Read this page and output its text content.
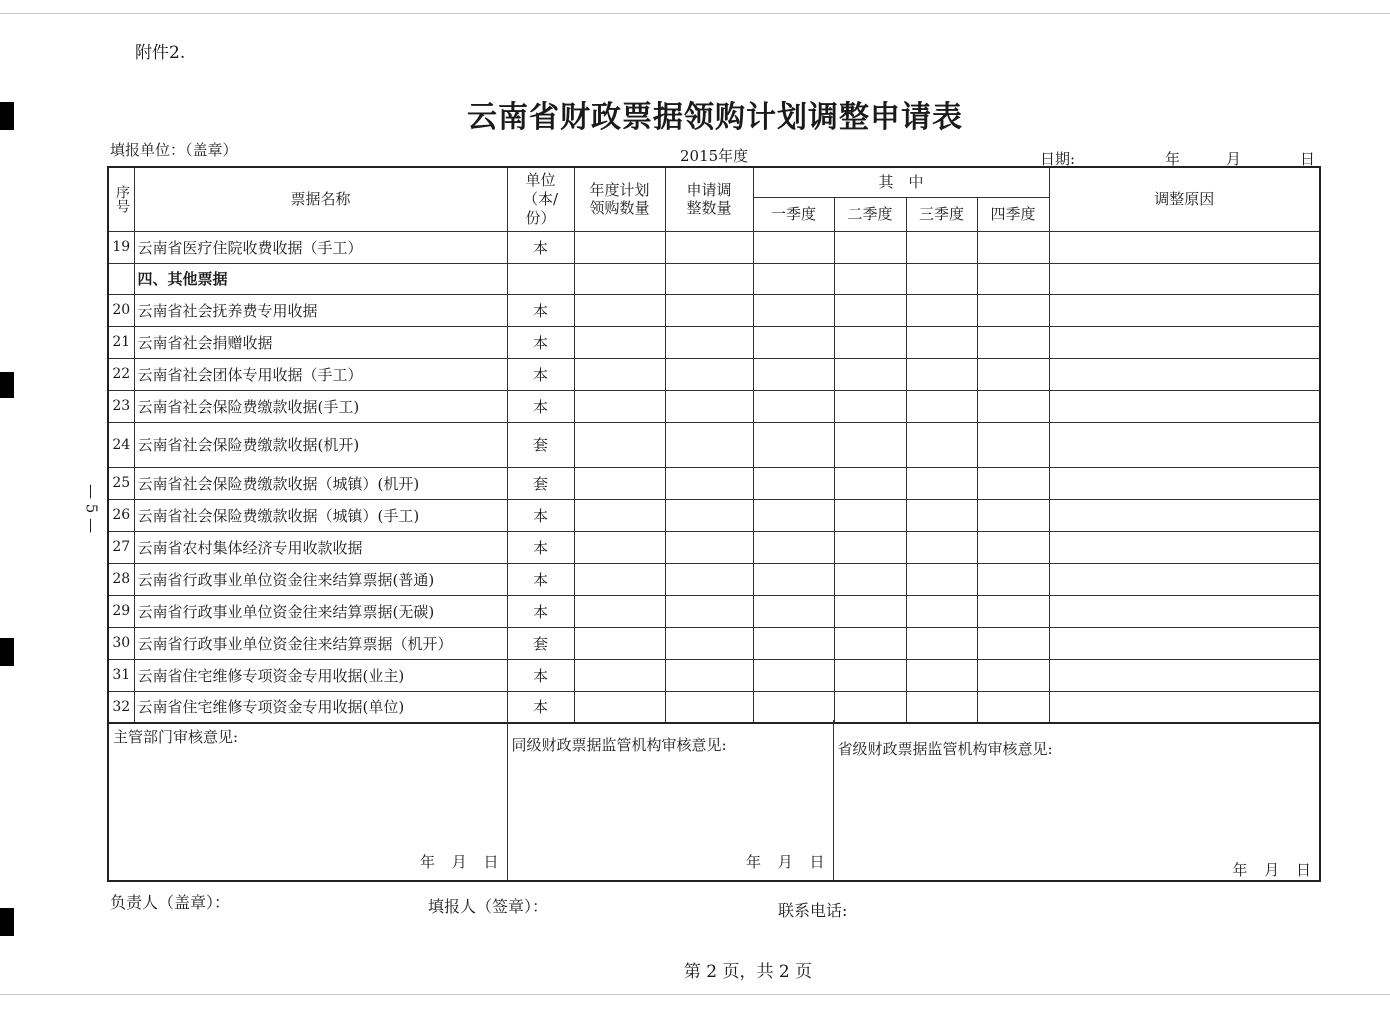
附件2.
云南省财政票据领购计划调整申请表
填报单位：（盖章）	2015年度	日期:	年	月	日
— 5 —
序号	票据名称	单位（本/份）	年度计划领购数量	申请调整数量	其　中				调整原因
					一季度	二季度	三季度	四季度	
19	云南省医疗住院收费收据（手工）	本							
	四、其他票据								
20	云南省社会抚养费专用收据	本							
21	云南省社会捐赠收据	本							
22	云南省社会团体专用收据（手工）	本							
23	云南省社会保险费缴款收据(手工)	本							
24	云南省社会保险费缴款收据(机开)	套							
25	云南省社会保险费缴款收据（城镇）(机开)	套							
26	云南省社会保险费缴款收据（城镇）(手工)	本							
27	云南省农村集体经济专用收款收据	本							
28	云南省行政事业单位资金往来结算票据(普通)	本							
29	云南省行政事业单位资金往来结算票据(无碳)	本							
30	云南省行政事业单位资金往来结算票据（机开）	套							
31	云南省住宅维修专项资金专用收据(业主)	本							
32	云南省住宅维修专项资金专用收据(单位)	本							
主管部门审核意见:
年 月 日

同级财政票据监管机构审核意见:
年 月 日

省级财政票据监管机构审核意见:
年 月 日
负责人（盖章）：	填报人（签章）：	联系电话:
第 2 页，共 2 页
